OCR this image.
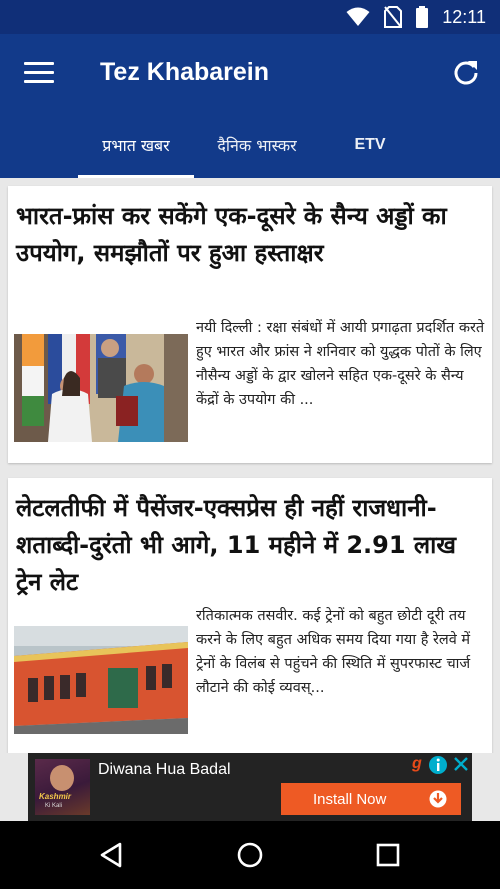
12:11
Tez Khabarein
प्रभात खबर	दैनिक भास्कर	ETV
भारत-फ्रांस कर सकेंगे एक-दूसरे के सैन्य अड्डों का उपयोग, समझौतों पर हुआ हस्ताक्षर
नयी दिल्ली : रक्षा संबंधों में आयी प्रगाढ़ता प्रदर्शित करते हुए भारत और फ्रांस ने शनिवार को युद्धक पोतों के लिए नौसैन्य अड्डों के द्वार खोलने सहित एक-दूसरे के सैन्य केंद्रों के उपयोग की ...
लेटलतीफी में पैसेंजर-एक्सप्रेस ही नहीं राजधानी-शताब्दी-दुरंतो भी आगे, 11 महीने में 2.91 लाख ट्रेन लेट
रतिकात्मक तसवीर. कई ट्रेनों को बहुत छोटी दूरी तय करने के लिए बहुत अधिक समय दिया गया है रेलवे में ट्रेनों के विलंब से पहुंचने की स्थिति में सुपरफास्ट चार्ज लौटाने की कोई व्यवस्...
Kashmir
Ki Kali
Diwana Hua Badal	g
Install Now
